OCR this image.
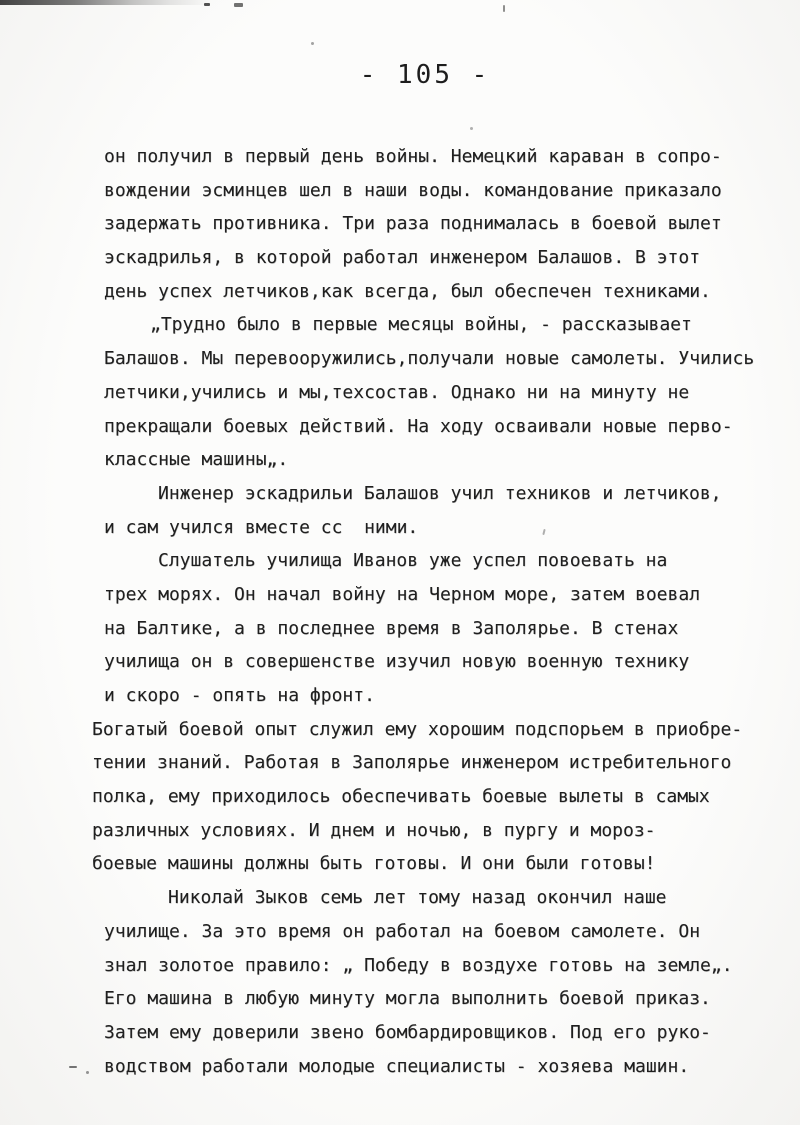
- 105 -
он получил в первый день войны. Немецкий караван в сопро-
вождении эсминцев шел в наши воды. командование приказало
задержать противника. Три раза поднималась в боевой вылет
эскадрилья, в которой работал инженером Балашов. В этот
день успех летчиков,как всегда, был обеспечен техниками.
„Трудно было в первые месяцы войны, - рассказывает
Балашов. Мы перевооружились,получали новые самолеты. Учились
летчики,учились и мы,техсостав. Однако ни на минуту не
прекращали боевых действий. На ходу осваивали новые перво-
классные машины„.
Инженер эскадрильи Балашов учил техников и летчиков,
и сам учился вместе сс  ними.
Слушатель училища Иванов уже успел повоевать на
трех морях. Он начал войну на Черном море, затем воевал
на Балтике, а в последнее время в Заполярье. В стенах
училища он в совершенстве изучил новую военную технику
и скоро - опять на фронт.
Богатый боевой опыт служил ему хорошим подспорьем в приобре-
тении знаний. Работая в Заполярье инженером истребительного
полка, ему приходилось обеспечивать боевые вылеты в самых
различных условиях. И днем и ночью, в пургу и мороз-
боевые машины должны быть готовы. И они были готовы!
Николай Зыков семь лет тому назад окончил наше
училище. За это время он работал на боевом самолете. Он
знал золотое правило: „ Победу в воздухе готовь на земле„.
Его машина в любую минуту могла выполнить боевой приказ.
Затем ему доверили звено бомбардировщиков. Под его руко-
водством работали молодые специалисты - хозяева машин.
